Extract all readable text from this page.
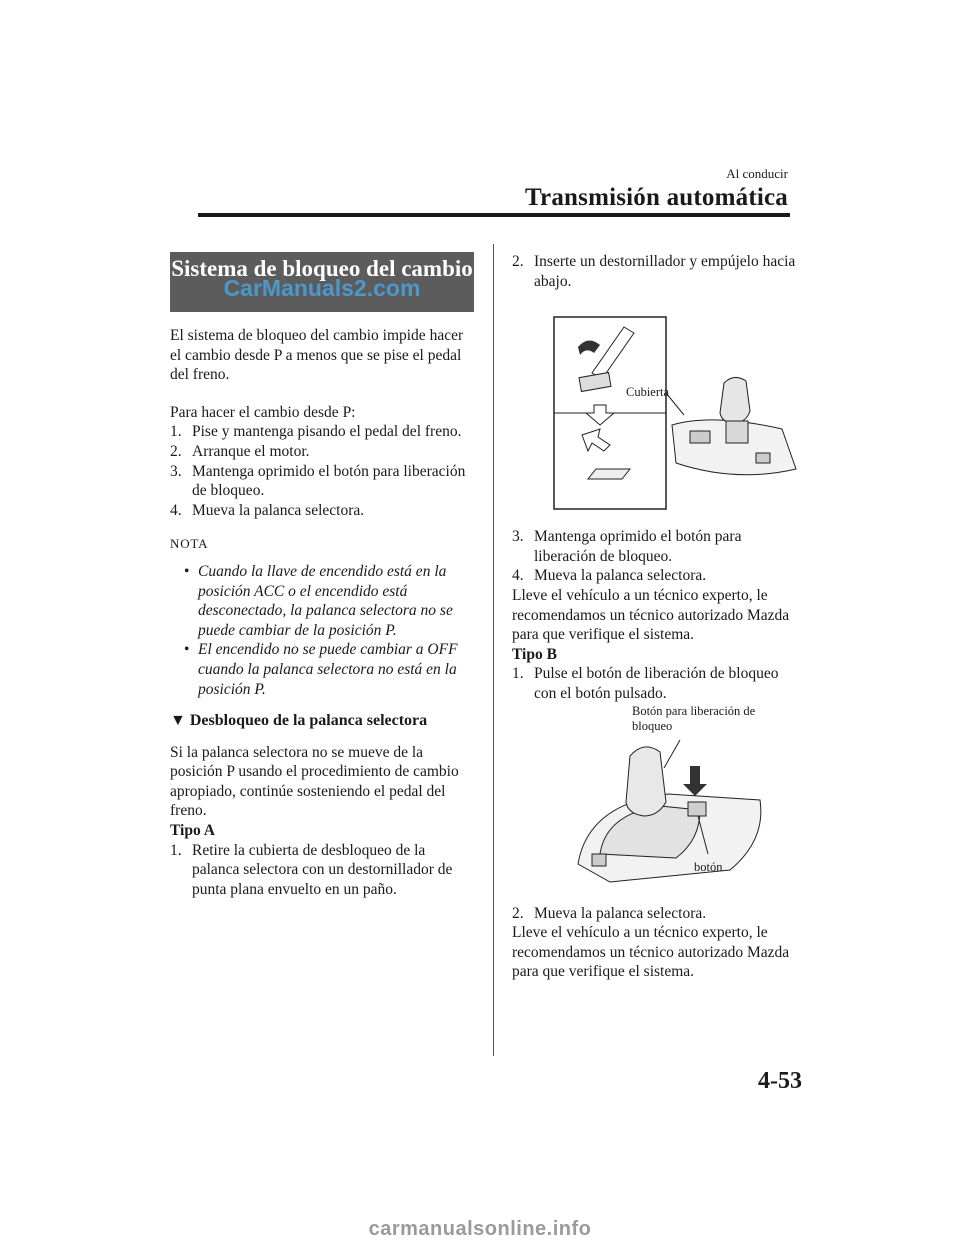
Al conducir
Transmisión automática
CarManuals2.com
Sistema de bloqueo del cambio

El sistema de bloqueo del cambio impide hacer el cambio desde P a menos que se pise el pedal del freno.

Para hacer el cambio desde P:

1. Pise y mantenga pisando el pedal del freno.
2. Arranque el motor.
3. Mantenga oprimido el botón para liberación de bloqueo.
4. Mueva la palanca selectora.
NOTA
• Cuando la llave de encendido está en la posición ACC o el encendido está desconectado, la palanca selectora no se puede cambiar de la posición P.
• El encendido no se puede cambiar a OFF cuando la palanca selectora no está en la posición P.
▼ Desbloqueo de la palanca selectora

Si la palanca selectora no se mueve de la posición P usando el procedimiento de cambio apropiado, continúe sosteniendo el pedal del freno.

Tipo A

1. Retire la cubierta de desbloqueo de la palanca selectora con un destornillador de punta plana envuelto en un paño.
2. Inserte un destornillador y empújelo hacia abajo.
Cubierta
3. Mantenga oprimido el botón para liberación de bloqueo.
4. Mueva la palanca selectora.

Lleve el vehículo a un técnico experto, le recomendamos un técnico autorizado Mazda para que verifique el sistema.

Tipo B

1. Pulse el botón de liberación de bloqueo con el botón pulsado.
Botón para liberación de bloqueo
botón
2. Mueva la palanca selectora.

Lleve el vehículo a un técnico experto, le recomendamos un técnico autorizado Mazda para que verifique el sistema.

4-53
carmanualsonline.info
